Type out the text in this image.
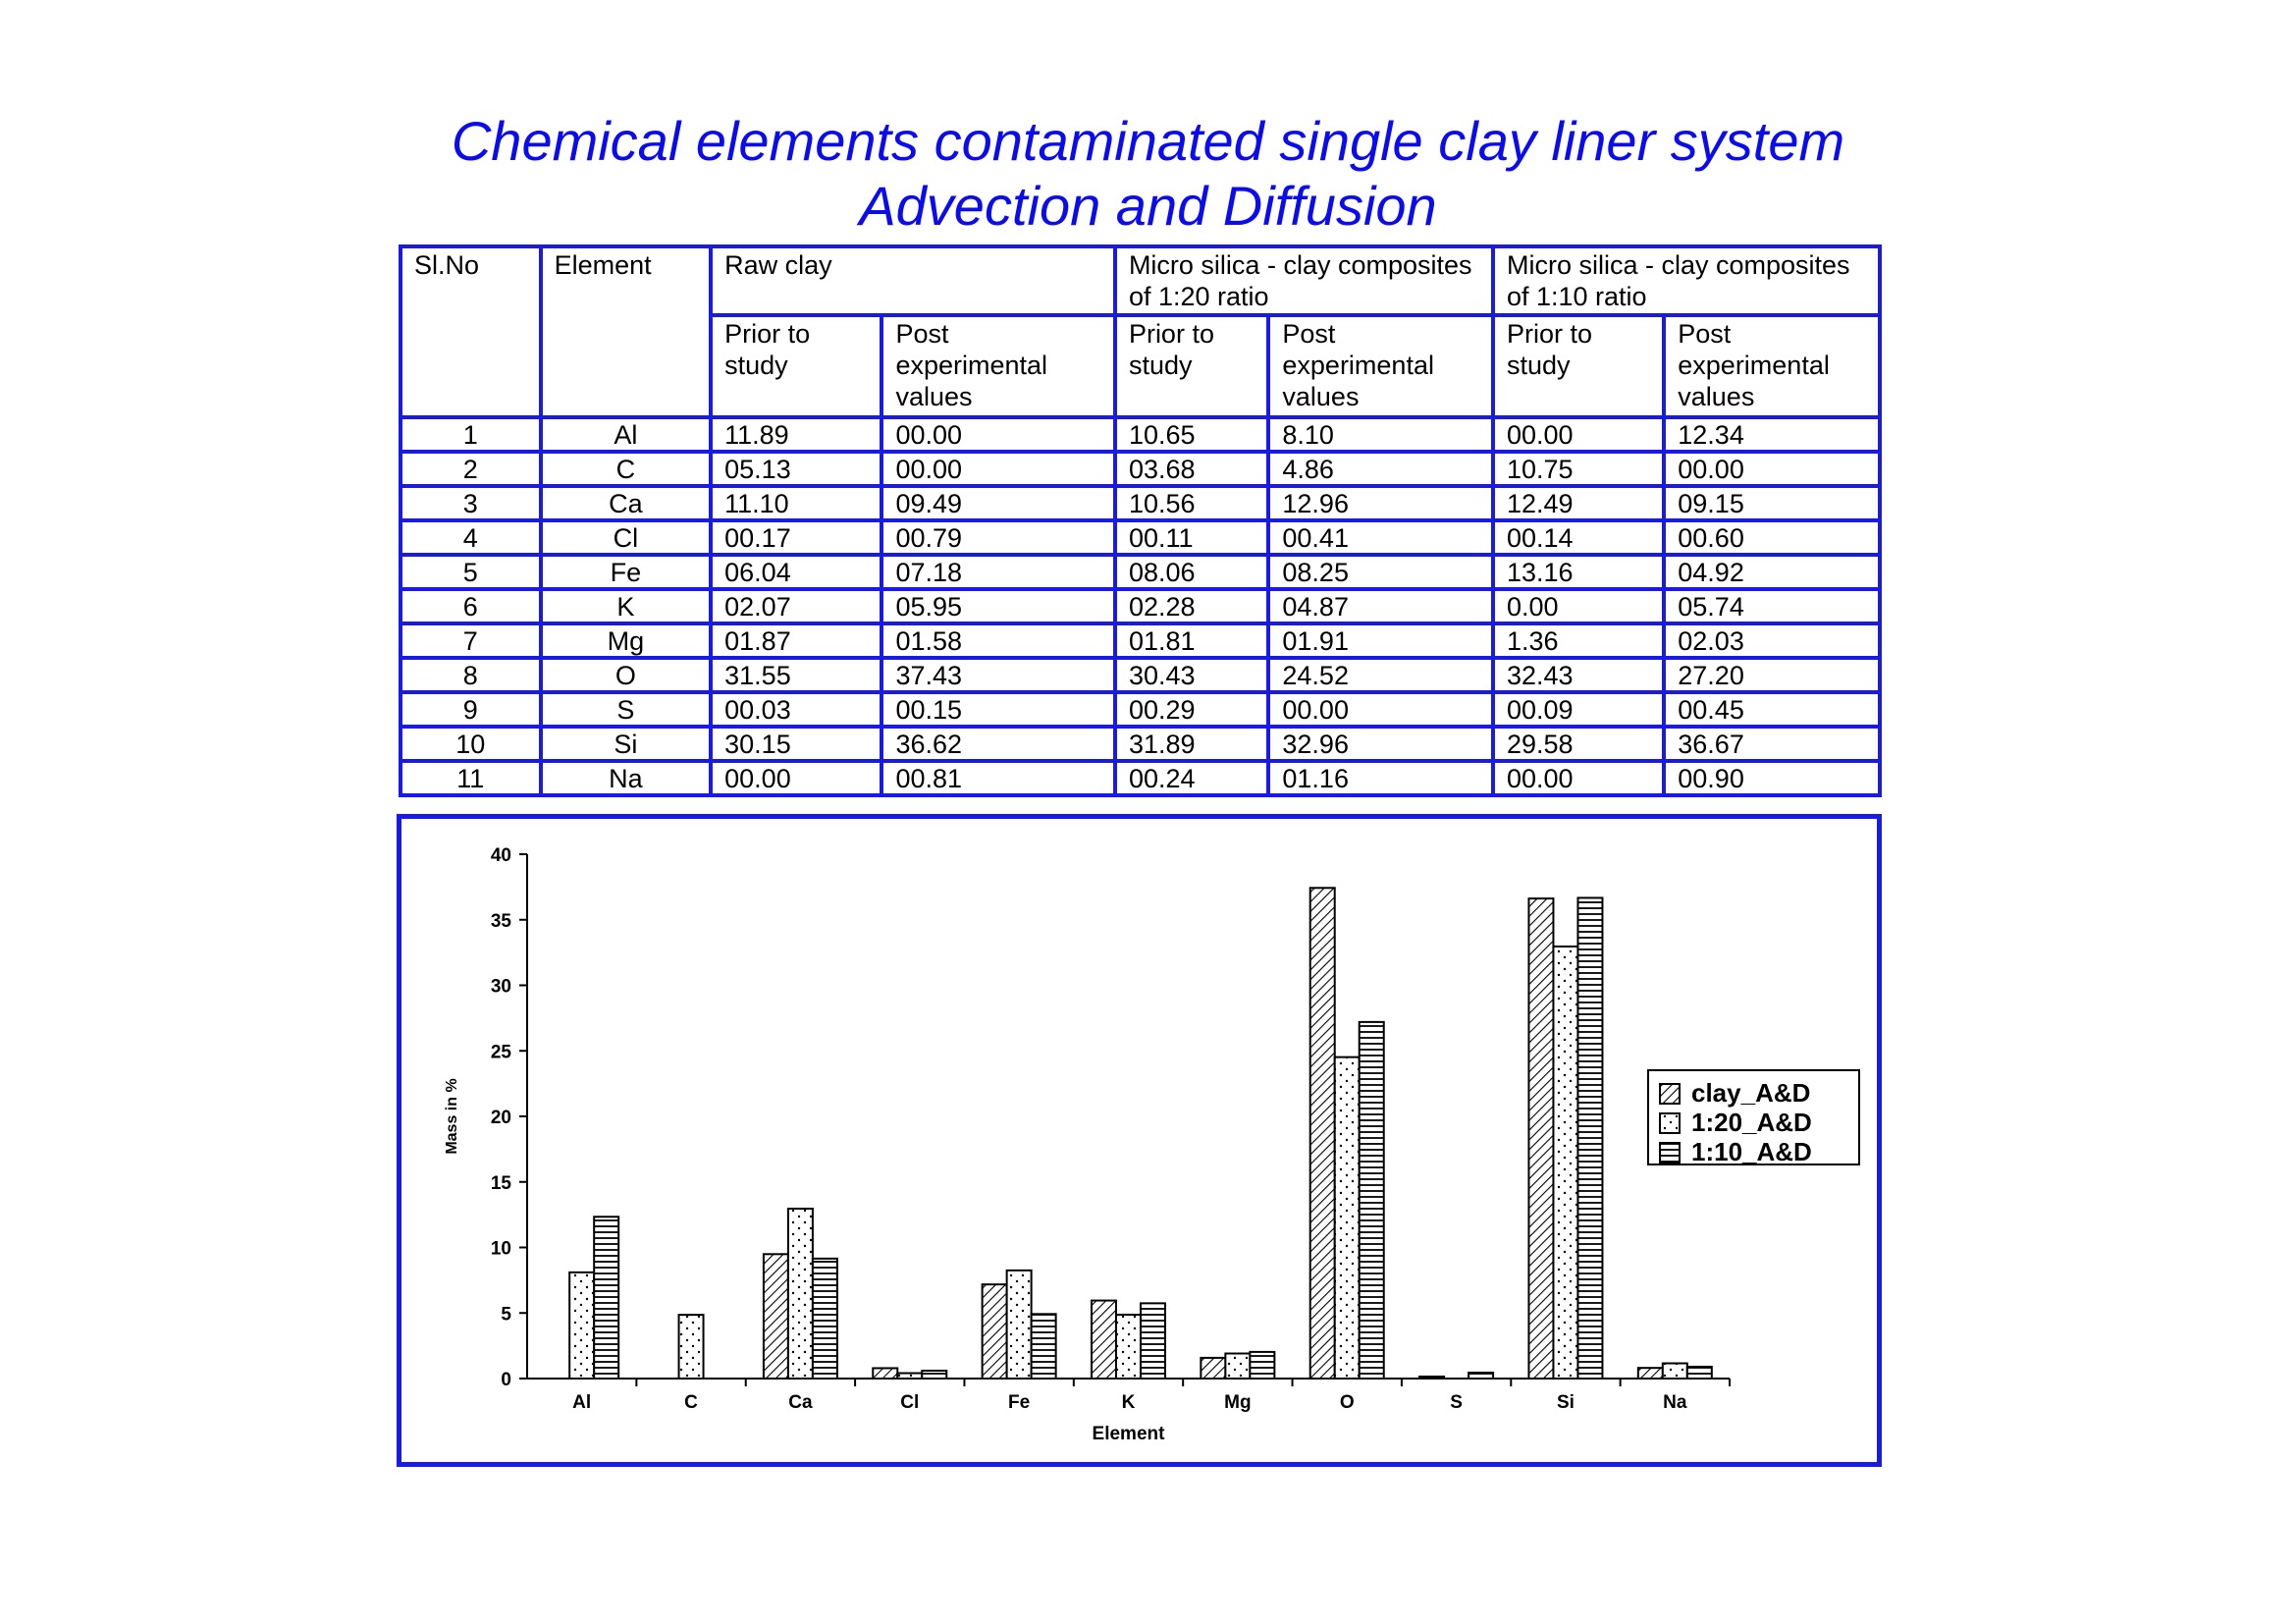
Chemical elements contaminated single clay liner system
Advection and Diffusion
Sl.No	Element	Raw clay		Micro silica - clay composites of 1:20 ratio		Micro silica - clay composites of 1:10 ratio	
		Prior to study	Post experimental values	Prior to study	Post experimental values	Prior to study	Post experimental values
1	Al	11.89	00.00	10.65	8.10	00.00	12.34
2	C	05.13	00.00	03.68	4.86	10.75	00.00
3	Ca	11.10	09.49	10.56	12.96	12.49	09.15
4	Cl	00.17	00.79	00.11	00.41	00.14	00.60
5	Fe	06.04	07.18	08.06	08.25	13.16	04.92
6	K	02.07	05.95	02.28	04.87	0.00	05.74
7	Mg	01.87	01.58	01.81	01.91	1.36	02.03
8	O	31.55	37.43	30.43	24.52	32.43	27.20
9	S	00.03	00.15	00.29	00.00	00.09	00.45
10	Si	30.15	36.62	31.89	32.96	29.58	36.67
11	Na	00.00	00.81	00.24	01.16	00.00	00.90
0
5
10
15
20
25
30
35
40
Mass in %
Element
Al	C	Ca	Cl	Fe	K	Mg	O	S	Si	Na
clay_A&D
1:20_A&D
1:10_A&D
